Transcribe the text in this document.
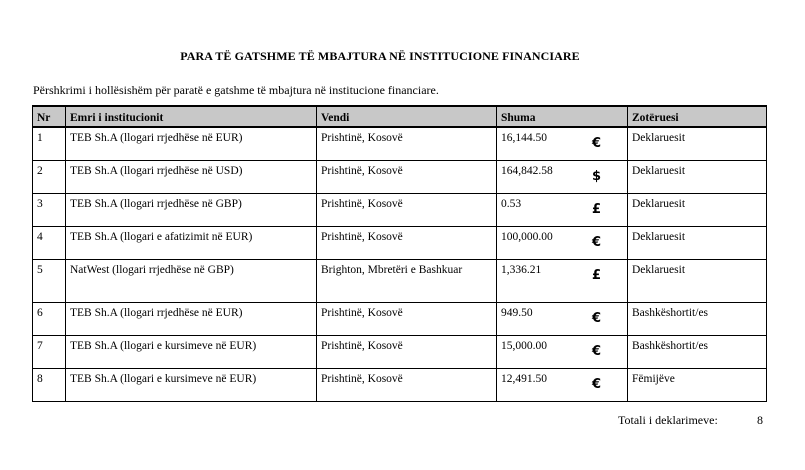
PARA TË GATSHME TË MBAJTURA NË INSTITUCIONE FINANCIARE
Përshkrimi i hollësishëm për paratë e gatshme të mbajtura në institucione financiare.
Nr	Emri i institucionit	Vendi	Shuma	Zotëruesi
1	TEB Sh.A (llogari rrjedhëse në EUR)	Prishtinë, Kosovë	16,144.50 €	Deklaruesit
2	TEB Sh.A (llogari rrjedhëse në USD)	Prishtinë, Kosovë	164,842.58 $	Deklaruesit
3	TEB Sh.A (llogari rrjedhëse në GBP)	Prishtinë, Kosovë	0.53 £	Deklaruesit
4	TEB Sh.A (llogari e afatizimit në EUR)	Prishtinë, Kosovë	100,000.00 €	Deklaruesit
5	NatWest (llogari rrjedhëse në GBP)	Brighton, Mbretëri e Bashkuar	1,336.21 £	Deklaruesit
6	TEB Sh.A (llogari rrjedhëse në EUR)	Prishtinë, Kosovë	949.50 €	Bashkëshortit/es
7	TEB Sh.A (llogari e kursimeve në EUR)	Prishtinë, Kosovë	15,000.00 €	Bashkëshortit/es
8	TEB Sh.A (llogari e kursimeve në EUR)	Prishtinë, Kosovë	12,491.50 €	Fëmijëve
Totali i deklarimeve:	8
